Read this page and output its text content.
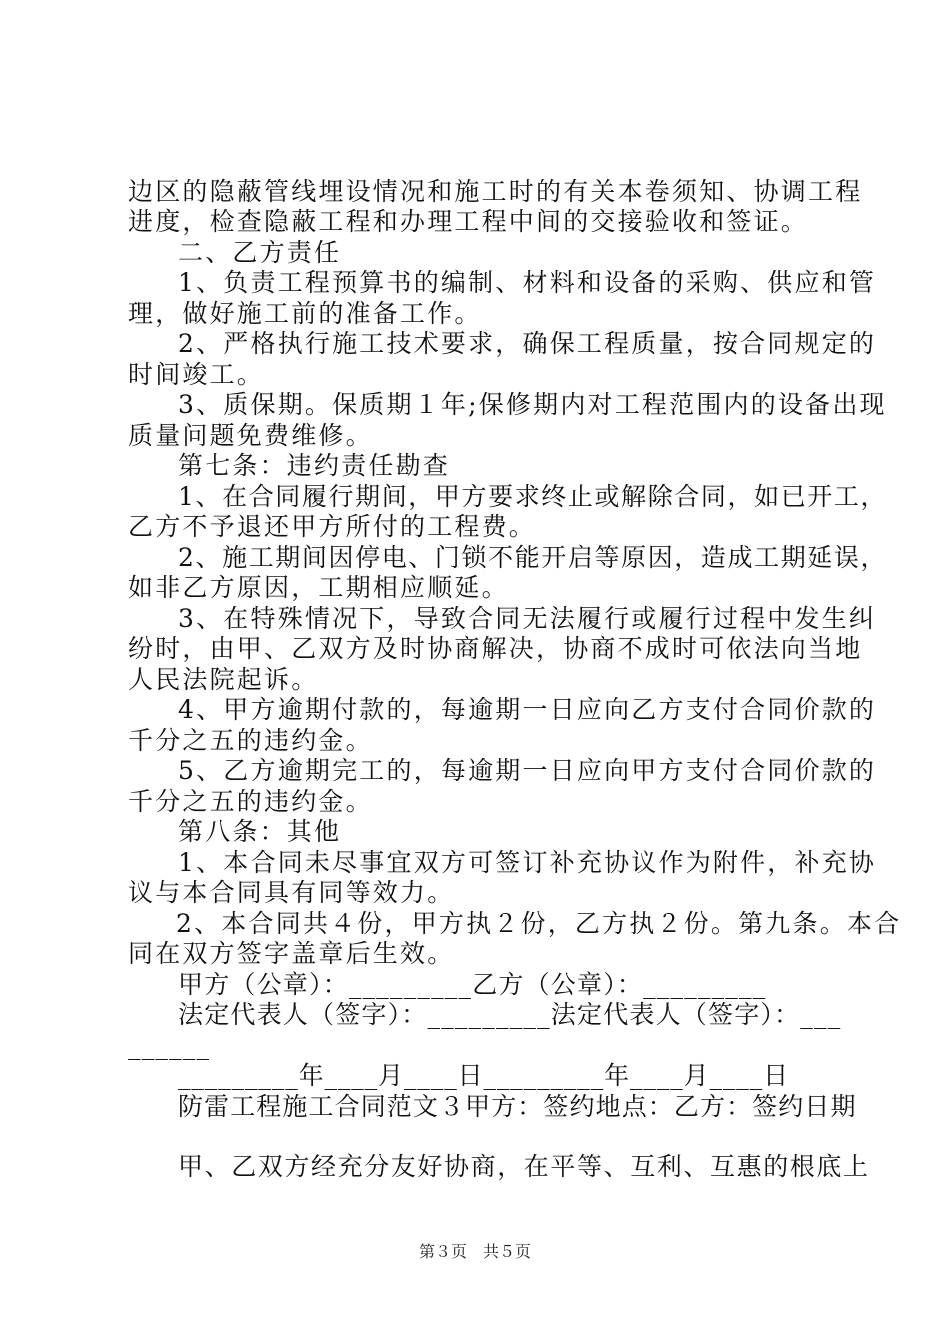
边区的隐蔽管线埋设情况和施工时的有关本卷须知、协调工程
进度，检查隐蔽工程和办理工程中间的交接验收和签证。
二、乙方责任
1、负责工程预算书的编制、材料和设备的采购、供应和管
理，做好施工前的准备工作。
2、严格执行施工技术要求，确保工程质量，按合同规定的
时间竣工。
3、质保期。保质期１年;保修期内对工程范围内的设备出现
质量问题免费维修。
第七条：违约责任勘查
1、在合同履行期间，甲方要求终止或解除合同，如已开工，
乙方不予退还甲方所付的工程费。
2、施工期间因停电、门锁不能开启等原因，造成工期延误，
如非乙方原因，工期相应顺延。
3、在特殊情况下，导致合同无法履行或履行过程中发生纠
纷时，由甲、乙双方及时协商解决，协商不成时可依法向当地
人民法院起诉。
4、甲方逾期付款的，每逾期一日应向乙方支付合同价款的
千分之五的违约金。
5、乙方逾期完工的，每逾期一日应向甲方支付合同价款的
千分之五的违约金。
第八条：其他
1、本合同未尽事宜双方可签订补充协议作为附件，补充协
议与本合同具有同等效力。
2、本合同共４份，甲方执２份，乙方执２份。第九条。本合
同在双方签字盖章后生效。
甲方（公章）：_________乙方（公章）：_________
法定代表人（签字）：_________法定代表人（签字）：___
______
_________年____月____日_________年____月____日
防雷工程施工合同范文３甲方：签约地点：乙方：签约日期
甲、乙双方经充分友好协商，在平等、互利、互惠的根底上
第３页　共５页
